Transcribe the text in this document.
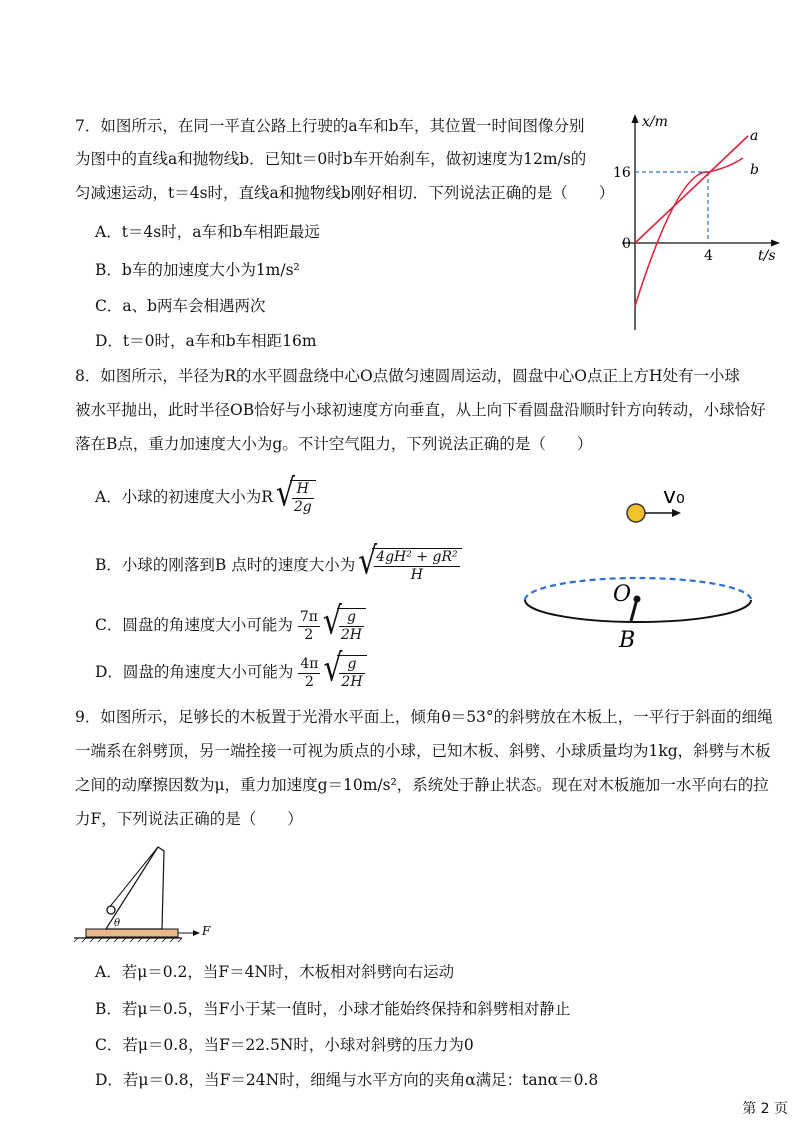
7．如图所示，在同一平直公路上行驶的a车和b车，其位置一时间图像分别
为图中的直线a和抛物线b．已知t＝0时b车开始刹车，做初速度为12m/s的
匀减速运动，t＝4s时，直线a和抛物线b刚好相切．下列说法正确的是（　　）
A．t＝4s时，a车和b车相距最远
B．b车的加速度大小为1m/s²
C．a、b两车会相遇两次
D．t＝0时，a车和b车相距16m
x/m
t/s
16
4
0
a
b
8．如图所示，半径为R的水平圆盘绕中心O点做匀速圆周运动，圆盘中心O点正上方H处有一小球
被水平抛出，此时半径OB恰好与小球初速度方向垂直，从上向下看圆盘沿顺时针方向转动，小球恰好
落在B点，重力加速度大小为g。不计空气阻力，下列说法正确的是（　　）
A．小球的初速度大小为R √ $\frac{H}{2g}$
B．小球的刚落到B 点时的速度大小为 √ $\frac{\text{4gH² + gR²}}{H}$
C．圆盘的角速度大小可能为 $\frac{7\pi}{2}$
√ $\frac{g}{2H}$
D．圆盘的角速度大小可能为 $\frac{4\pi}{2}$
√ $\frac{g}{2H}$
v₀
O
B
9．如图所示，足够长的木板置于光滑水平面上，倾角θ＝53°的斜劈放在木板上，一平行于斜面的细绳
一端系在斜劈顶，另一端拴接一可视为质点的小球，已知木板、斜劈、小球质量均为1kg，斜劈与木板
之间的动摩擦因数为μ，重力加速度g＝10m/s²，系统处于静止状态。现在对木板施加一水平向右的拉
力F，下列说法正确的是（　　）
θ
F
A．若μ＝0.2，当F＝4N时，木板相对斜劈向右运动
B．若μ＝0.5，当F小于某一值时，小球才能始终保持和斜劈相对静止
C．若μ＝0.8，当F＝22.5N时，小球对斜劈的压力为0
D．若μ＝0.8，当F＝24N时，细绳与水平方向的夹角α满足：tanα＝0.8
第 2 页
